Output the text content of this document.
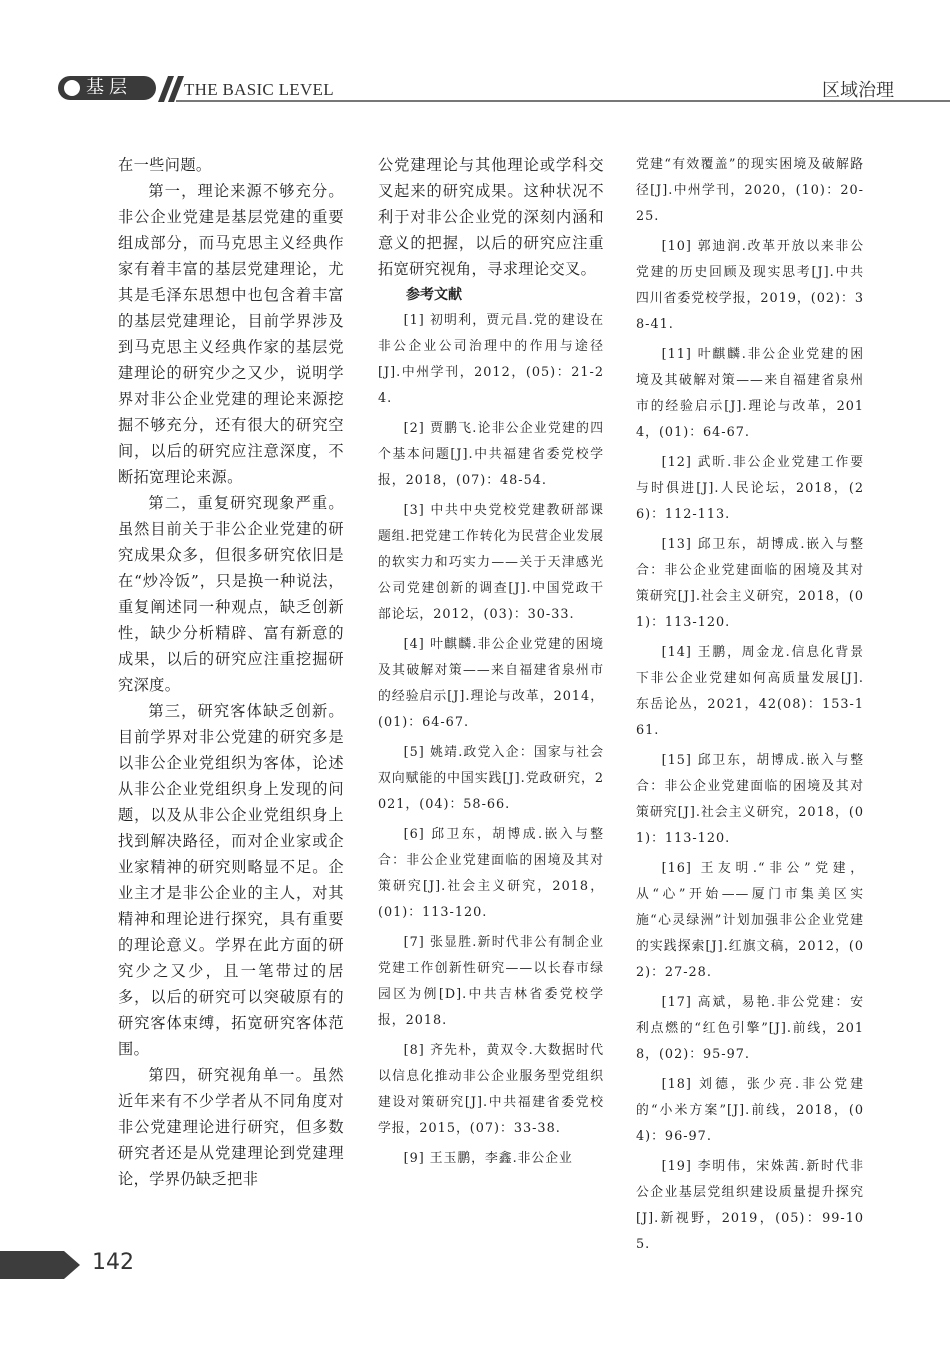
基层	THE BASIC LEVEL	区域治理

在一些问题。

第一，理论来源不够充分。非公企业党建是基层党建的重要组成部分，而马克思主义经典作家有着丰富的基层党建理论，尤其是毛泽东思想中也包含着丰富的基层党建理论，目前学界涉及到马克思主义经典作家的基层党建理论的研究少之又少，说明学界对非公企业党建的理论来源挖掘不够充分，还有很大的研究空间，以后的研究应注意深度，不断拓宽理论来源。

第二，重复研究现象严重。虽然目前关于非公企业党建的研究成果众多，但很多研究依旧是在“炒冷饭”，只是换一种说法，重复阐述同一种观点，缺乏创新性，缺少分析精辟、富有新意的成果，以后的研究应注重挖掘研究深度。

第三，研究客体缺乏创新。目前学界对非公党建的研究多是以非公企业党组织为客体，论述从非公企业党组织身上发现的问题，以及从非公企业党组织身上找到解决路径，而对企业家或企业家精神的研究则略显不足。企业主才是非公企业的主人，对其精神和理论进行探究，具有重要的理论意义。学界在此方面的研究少之又少，且一笔带过的居多，以后的研究可以突破原有的研究客体束缚，拓宽研究客体范围。

第四，研究视角单一。虽然近年来有不少学者从不同角度对非公党建理论进行研究，但多数研究者还是从党建理论到党建理论，学界仍缺乏把非

公党建理论与其他理论或学科交叉起来的研究成果。这种状况不利于对非公企业党的深刻内涵和意义的把握，以后的研究应注重拓宽研究视角，寻求理论交叉。

参考文献

[1] 初明利，贾元昌.党的建设在非公企业公司治理中的作用与途径[J].中州学刊，2012，(05)：21-24.

[2] 贾鹏飞.论非公企业党建的四个基本问题[J].中共福建省委党校学报，2018，(07)：48-54.

[3] 中共中央党校党建教研部课题组.把党建工作转化为民营企业发展的软实力和巧实力——关于天津感光公司党建创新的调查[J].中国党政干部论坛，2012，(03)：30-33.

[4] 叶麒麟.非公企业党建的困境及其破解对策——来自福建省泉州市的经验启示[J].理论与改革，2014，(01)：64-67.

[5] 姚靖.政党入企：国家与社会双向赋能的中国实践[J].党政研究，2021，(04)：58-66.

[6] 邱卫东，胡博成.嵌入与整合：非公企业党建面临的困境及其对策研究[J].社会主义研究，2018，(01)：113-120.

[7] 张显胜.新时代非公有制企业党建工作创新性研究——以长春市绿园区为例[D].中共吉林省委党校学报，2018.

[8] 齐先朴，黄双令.大数据时代以信息化推动非公企业服务型党组织建设对策研究[J].中共福建省委党校学报，2015，(07)：33-38.

[9] 王玉鹏，李鑫.非公企业

党建“有效覆盖”的现实困境及破解路径[J].中州学刊，2020，(10)：20-25.

[10] 郭迪润.改革开放以来非公党建的历史回顾及现实思考[J].中共四川省委党校学报，2019，(02)：38-41.

[11] 叶麒麟.非公企业党建的困境及其破解对策——来自福建省泉州市的经验启示[J].理论与改革，2014，(01)：64-67.

[12] 武昕.非公企业党建工作要与时俱进[J].人民论坛，2018，(26)：112-113.

[13] 邱卫东，胡博成.嵌入与整合：非公企业党建面临的困境及其对策研究[J].社会主义研究，2018，(01)：113-120.

[14] 王鹏，周金龙.信息化背景下非公企业党建如何高质量发展[J].东岳论丛，2021，42(08)：153-161.

[15] 邱卫东，胡博成.嵌入与整合：非公企业党建面临的困境及其对策研究[J].社会主义研究，2018，(01)：113-120.

[16] 王友明.“非公”党建，从“心”开始——厦门市集美区实施“心灵绿洲”计划加强非公企业党建的实践探索[J].红旗文稿，2012，(02)：27-28.

[17] 高斌，易艳.非公党建：安利点燃的“红色引擎”[J].前线，2018，(02)：95-97.

[18] 刘德，张少亮.非公党建的“小米方案”[J].前线，2018，(04)：96-97.

[19] 李明伟，宋姝茜.新时代非公企业基层党组织建设质量提升探究[J].新视野，2019，(05)：99-105.

142
